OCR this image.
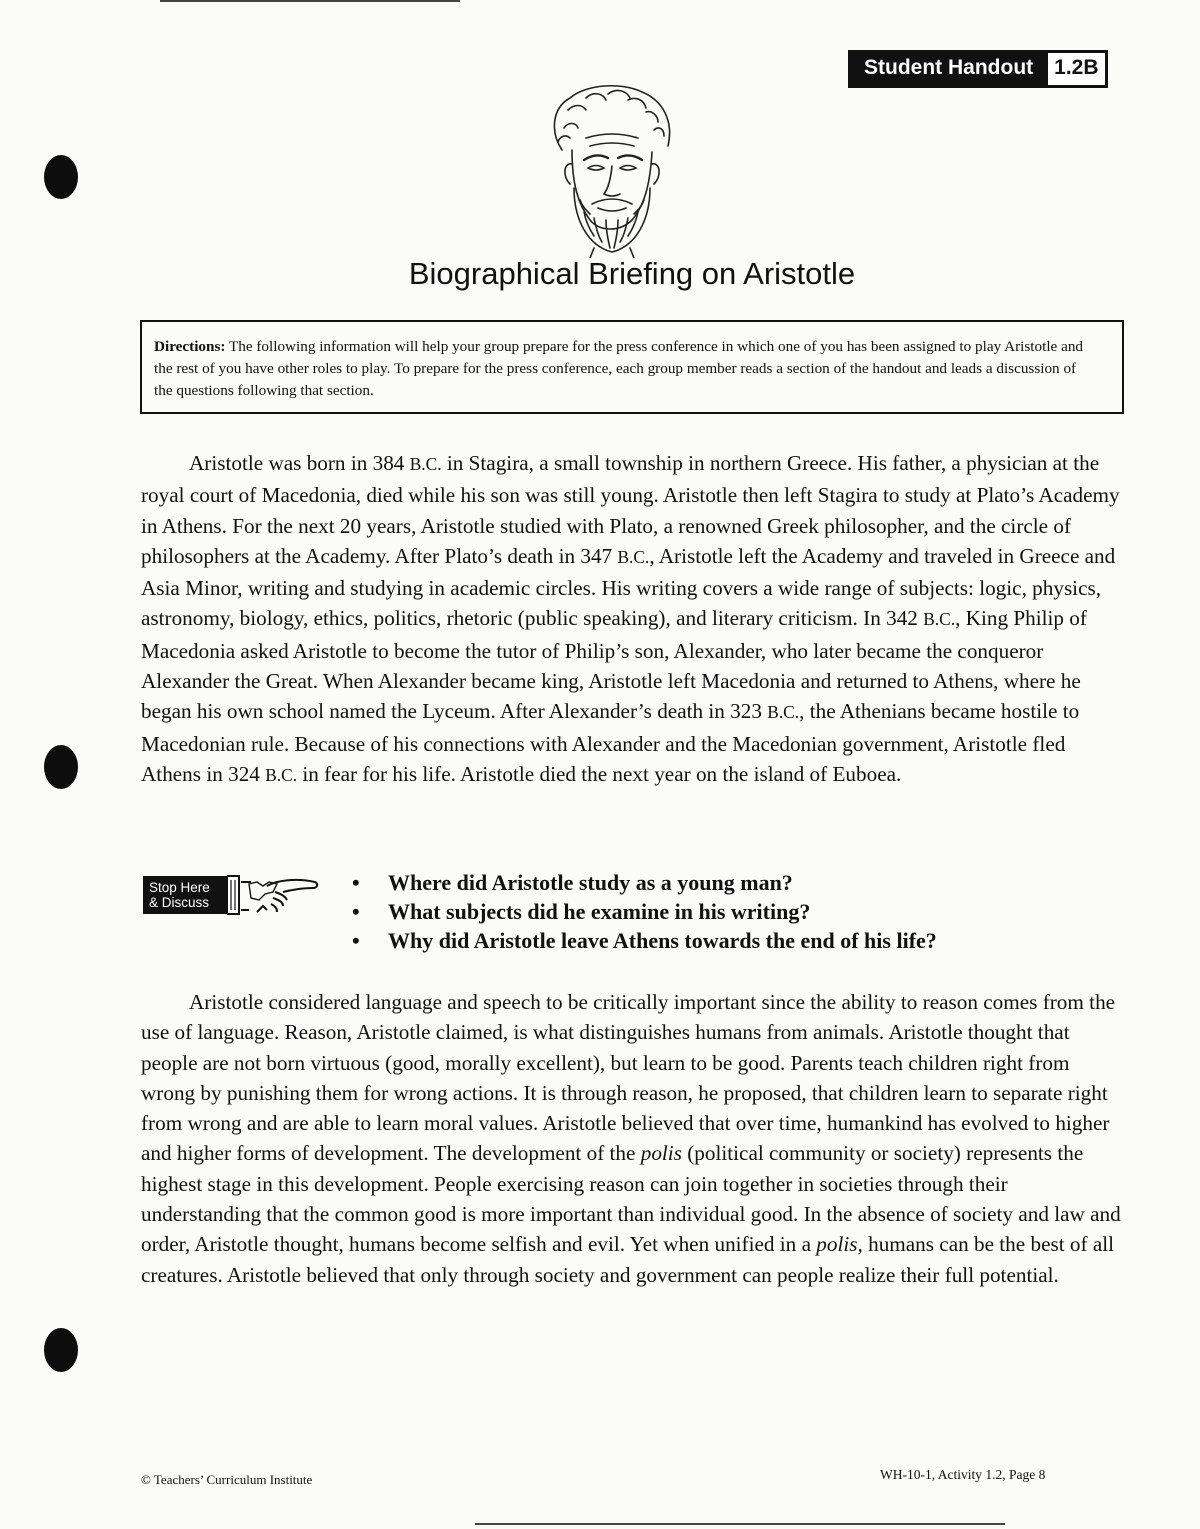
Student Handout	1.2B
Biographical Briefing on Aristotle
Directions: The following information will help your group prepare for the press conference in which one of you has been assigned to play Aristotle and the rest of you have other roles to play. To prepare for the press conference, each group member reads a section of the handout and leads a discussion of the questions following that section.

Aristotle was born in 384 B.C. in Stagira, a small township in northern Greece. His father, a physician at the royal court of Macedonia, died while his son was still young. Aristotle then left Stagira to study at Plato’s Academy in Athens. For the next 20 years, Aristotle studied with Plato, a renowned Greek philosopher, and the circle of philosophers at the Academy. After Plato’s death in 347 B.C., Aristotle left the Academy and traveled in Greece and Asia Minor, writing and studying in academic circles. His writing covers a wide range of subjects: logic, physics, astronomy, biology, ethics, politics, rhetoric (public speaking), and literary criticism. In 342 B.C., King Philip of Macedonia asked Aristotle to become the tutor of Philip’s son, Alexander, who later became the conqueror Alexander the Great. When Alexander became king, Aristotle left Macedonia and returned to Athens, where he began his own school named the Lyceum. After Alexander’s death in 323 B.C., the Athenians became hostile to Macedonian rule. Because of his connections with Alexander and the Macedonian government, Aristotle fled Athens in 324 B.C. in fear for his life. Aristotle died the next year on the island of Euboea.

Stop Here
& Discuss
• Where did Aristotle study as a young man?
• What subjects did he examine in his writing?
• Why did Aristotle leave Athens towards the end of his life?

Aristotle considered language and speech to be critically important since the ability to reason comes from the use of language. Reason, Aristotle claimed, is what distinguishes humans from animals. Aristotle thought that people are not born virtuous (good, morally excellent), but learn to be good. Parents teach children right from wrong by punishing them for wrong actions. It is through reason, he proposed, that children learn to separate right from wrong and are able to learn moral values. Aristotle believed that over time, humankind has evolved to higher and higher forms of development. The development of the polis (political community or society) represents the highest stage in this development. People exercising reason can join together in societies through their understanding that the common good is more important than individual good. In the absence of society and law and order, Aristotle thought, humans become selfish and evil. Yet when unified in a polis, humans can be the best of all creatures. Aristotle believed that only through society and government can people realize their full potential.

© Teachers’ Curriculum Institute	WH-10-1, Activity 1.2, Page 8
